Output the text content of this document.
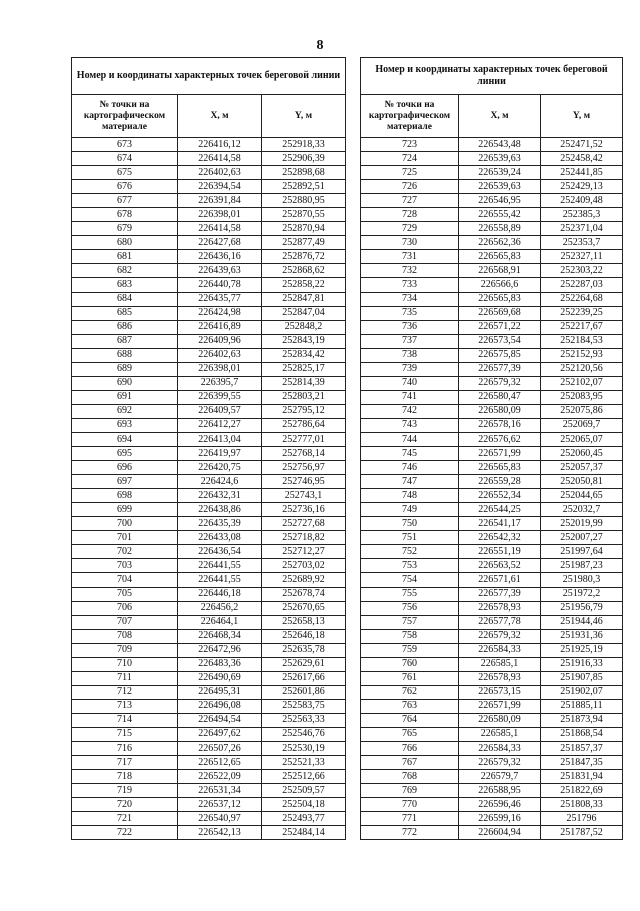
8
Номер и координаты характерных точек береговой линии		
№ точки на картографическом материале	X, м	Y, м
673	226416,12	252918,33
674	226414,58	252906,39
675	226402,63	252898,68
676	226394,54	252892,51
677	226391,84	252880,95
678	226398,01	252870,55
679	226414,58	252870,94
680	226427,68	252877,49
681	226436,16	252876,72
682	226439,63	252868,62
683	226440,78	252858,22
684	226435,77	252847,81
685	226424,98	252847,04
686	226416,89	252848,2
687	226409,96	252843,19
688	226402,63	252834,42
689	226398,01	252825,17
690	226395,7	252814,39
691	226399,55	252803,21
692	226409,57	252795,12
693	226412,27	252786,64
694	226413,04	252777,01
695	226419,97	252768,14
696	226420,75	252756,97
697	226424,6	252746,95
698	226432,31	252743,1
699	226438,86	252736,16
700	226435,39	252727,68
701	226433,08	252718,82
702	226436,54	252712,27
703	226441,55	252703,02
704	226441,55	252689,92
705	226446,18	252678,74
706	226456,2	252670,65
707	226464,1	252658,13
708	226468,34	252646,18
709	226472,96	252635,78
710	226483,36	252629,61
711	226490,69	252617,66
712	226495,31	252601,86
713	226496,08	252583,75
714	226494,54	252563,33
715	226497,62	252546,76
716	226507,26	252530,19
717	226512,65	252521,33
718	226522,09	252512,66
719	226531,34	252509,57
720	226537,12	252504,18
721	226540,97	252493,77
722	226542,13	252484,14
Номер и координаты характерных точек береговой линии		
№ точки на картографическом материале	X, м	Y, м
723	226543,48	252471,52
724	226539,63	252458,42
725	226539,24	252441,85
726	226539,63	252429,13
727	226546,95	252409,48
728	226555,42	252385,3
729	226558,89	252371,04
730	226562,36	252353,7
731	226565,83	252327,11
732	226568,91	252303,22
733	226566,6	252287,03
734	226565,83	252264,68
735	226569,68	252239,25
736	226571,22	252217,67
737	226573,54	252184,53
738	226575,85	252152,93
739	226577,39	252120,56
740	226579,32	252102,07
741	226580,47	252083,95
742	226580,09	252075,86
743	226578,16	252069,7
744	226576,62	252065,07
745	226571,99	252060,45
746	226565,83	252057,37
747	226559,28	252050,81
748	226552,34	252044,65
749	226544,25	252032,7
750	226541,17	252019,99
751	226542,32	252007,27
752	226551,19	251997,64
753	226563,52	251987,23
754	226571,61	251980,3
755	226577,39	251972,2
756	226578,93	251956,79
757	226577,78	251944,46
758	226579,32	251931,36
759	226584,33	251925,19
760	226585,1	251916,33
761	226578,93	251907,85
762	226573,15	251902,07
763	226571,99	251885,11
764	226580,09	251873,94
765	226585,1	251868,54
766	226584,33	251857,37
767	226579,32	251847,35
768	226579,7	251831,94
769	226588,95	251822,69
770	226596,46	251808,33
771	226599,16	251796
772	226604,94	251787,52
